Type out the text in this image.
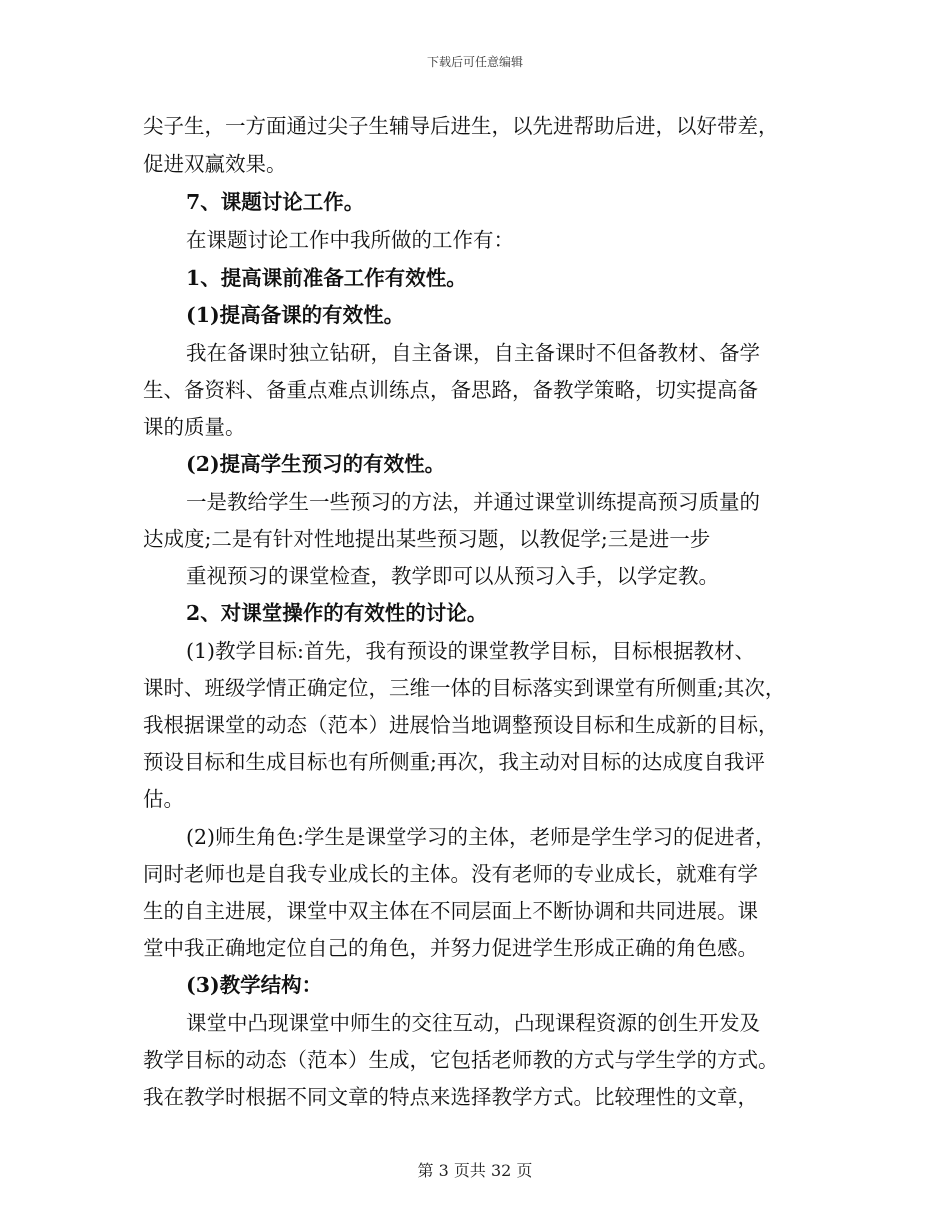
下载后可任意编辑
尖子生，一方面通过尖子生辅导后进生，以先进帮助后进，以好带差，
促进双赢效果。
7、课题讨论工作。
在课题讨论工作中我所做的工作有：
1、提高课前准备工作有效性。
(1)提高备课的有效性。
我在备课时独立钻研，自主备课，自主备课时不但备教材、备学
生、备资料、备重点难点训练点，备思路，备教学策略，切实提高备
课的质量。
(2)提高学生预习的有效性。
一是教给学生一些预习的方法，并通过课堂训练提高预习质量的
达成度;二是有针对性地提出某些预习题，以教促学;三是进一步
重视预习的课堂检查，教学即可以从预习入手，以学定教。
2、对课堂操作的有效性的讨论。
(1)教学目标:首先，我有预设的课堂教学目标，目标根据教材、
课时、班级学情正确定位，三维一体的目标落实到课堂有所侧重;其次，
我根据课堂的动态（范本）进展恰当地调整预设目标和生成新的目标，
预设目标和生成目标也有所侧重;再次，我主动对目标的达成度自我评
估。
(2)师生角色:学生是课堂学习的主体，老师是学生学习的促进者，
同时老师也是自我专业成长的主体。没有老师的专业成长，就难有学
生的自主进展，课堂中双主体在不同层面上不断协调和共同进展。课
堂中我正确地定位自己的角色，并努力促进学生形成正确的角色感。
(3)教学结构：
课堂中凸现课堂中师生的交往互动，凸现课程资源的创生开发及
教学目标的动态（范本）生成，它包括老师教的方式与学生学的方式。
我在教学时根据不同文章的特点来选择教学方式。比较理性的文章，
第 3 页共 32 页
